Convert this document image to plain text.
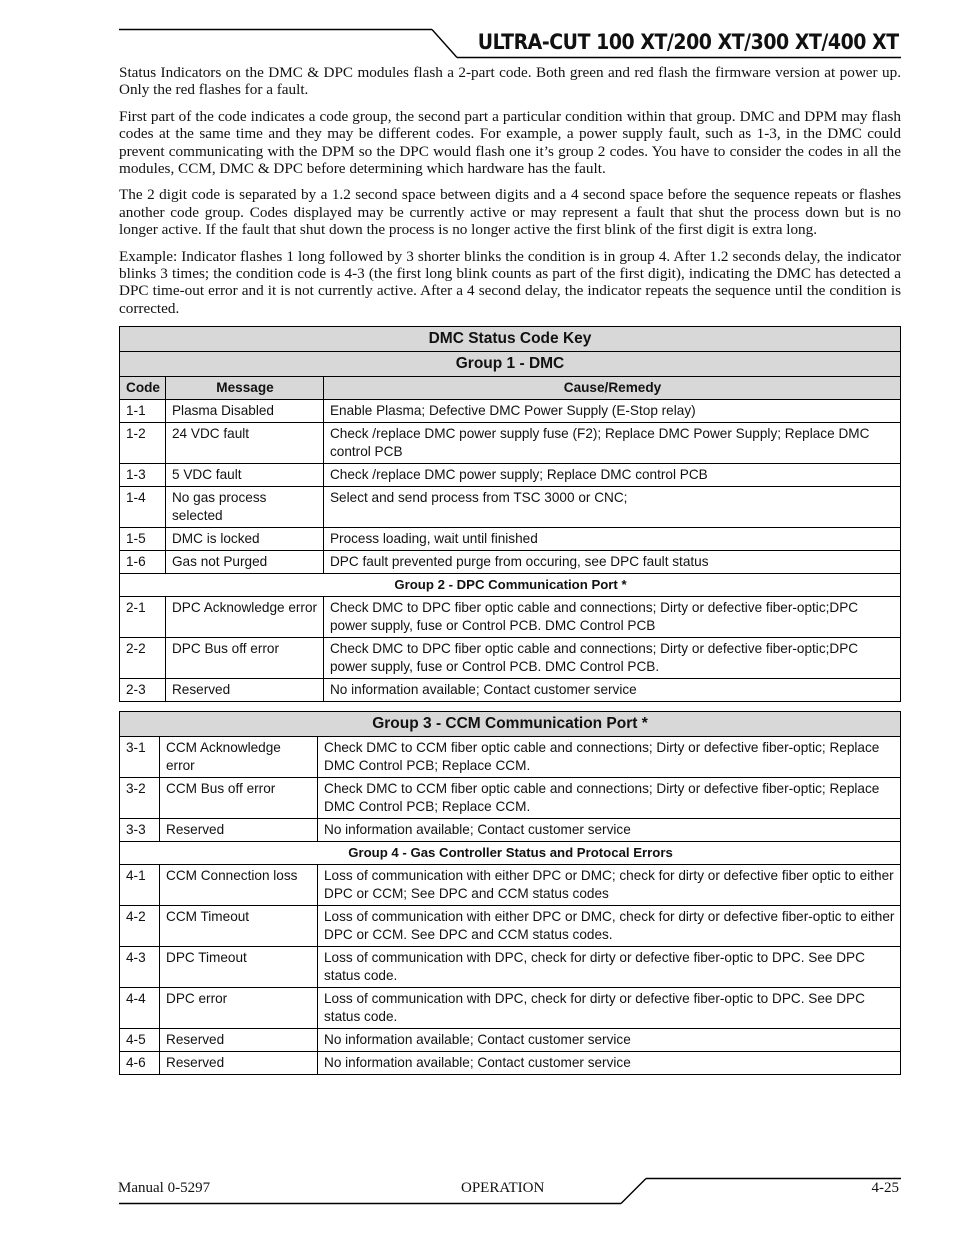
ULTRA-CUT 100 XT/200 XT/300 XT/400 XT

Status Indicators on the DMC & DPC modules flash a 2-part code. Both green and red flash the firmware version at power up. Only the red flashes for a fault.

First part of the code indicates a code group, the second part a particular condition within that group. DMC and DPM may flash codes at the same time and they may be different codes. For example, a power supply fault, such as 1-3, in the DMC could prevent communicating with the DPM so the DPC would flash one it’s group 2 codes. You have to consider the codes in all the modules, CCM, DMC & DPC before determining which hardware has the fault.

The 2 digit code is separated by a 1.2 second space between digits and a 4 second space before the sequence repeats or flashes another code group. Codes displayed may be currently active or may represent a fault that shut the process down but is no longer active. If the fault that shut down the process is no longer active the first blink of the first digit is extra long.

Example: Indicator flashes 1 long followed by 3 shorter blinks the condition is in group 4. After 1.2 seconds delay, the indicator blinks 3 times; the condition code is 4-3 (the first long blink counts as part of the first digit), indicating the DMC has detected a DPC time-out error and it is not currently active. After a 4 second delay, the indicator repeats the sequence until the condition is corrected.

DMC Status Code Key		
Group 1 - DMC		
Code	Message	Cause/Remedy
1-1	Plasma Disabled	Enable Plasma; Defective DMC Power Supply (E-Stop relay)
1-2	24 VDC fault	Check /replace DMC power supply fuse (F2); Replace DMC Power Supply; Replace DMC control PCB
1-3	5 VDC fault	Check /replace DMC power supply; Replace DMC control PCB
1-4	No gas process selected	Select and send process from TSC 3000 or CNC;
1-5	DMC is locked	Process loading, wait until finished
1-6	Gas not Purged	DPC fault prevented purge from occuring, see DPC fault status
Group 2 - DPC Communication Port *		
2-1	DPC Acknowledge error	Check DMC to DPC fiber optic cable and connections; Dirty or defective fiber-optic;DPC power supply, fuse or Control PCB. DMC Control PCB
2-2	DPC Bus off error	Check DMC to DPC fiber optic cable and connections; Dirty or defective fiber-optic;DPC power supply, fuse or Control PCB. DMC Control PCB.
2-3	Reserved	No information available; Contact customer service
Group 3 - CCM Communication Port *		
3-1	CCM Acknowledge error	Check DMC to CCM fiber optic cable and connections; Dirty or defective fiber-optic; Replace DMC Control PCB; Replace CCM.
3-2	CCM Bus off error	Check DMC to CCM fiber optic cable and connections; Dirty or defective fiber-optic; Replace DMC Control PCB; Replace CCM.
3-3	Reserved	No information available; Contact customer service
Group 4 - Gas Controller Status and Protocal Errors		
4-1	CCM Connection loss	Loss of communication with either DPC or DMC; check for dirty or defective fiber optic to either DPC or CCM; See DPC and CCM status codes
4-2	CCM Timeout	Loss of communication with either DPC or DMC, check for dirty or defective fiber-optic to either DPC or CCM. See DPC and CCM status codes.
4-3	DPC Timeout	Loss of communication with DPC, check for dirty or defective fiber-optic to DPC. See DPC status code.
4-4	DPC error	Loss of communication with DPC, check for dirty or defective fiber-optic to DPC. See DPC status code.
4-5	Reserved	No information available; Contact customer service
4-6	Reserved	No information available; Contact customer service
Manual 0-5297	OPERATION	4-25
